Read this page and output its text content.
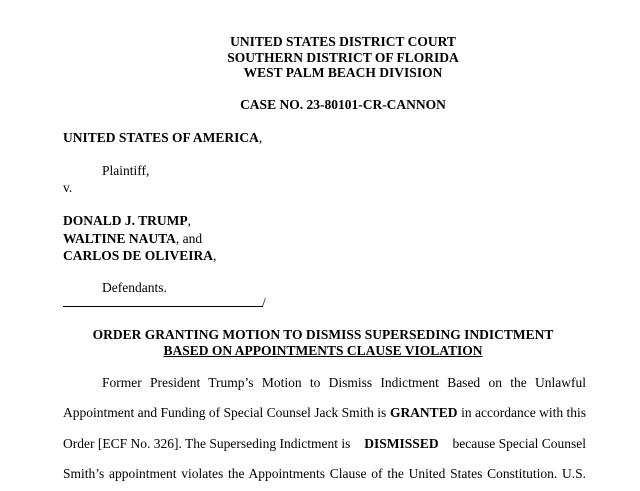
UNITED STATES DISTRICT COURT
SOUTHERN DISTRICT OF FLORIDA
WEST PALM BEACH DIVISION
CASE NO. 23-80101-CR-CANNON
UNITED STATES OF AMERICA,
Plaintiff,
v.
DONALD J. TRUMP,
WALTINE NAUTA, and
CARLOS DE OLIVEIRA,
Defendants.
/
ORDER GRANTING MOTION TO DISMISS SUPERSEDING INDICTMENT
BASED ON APPOINTMENTS CLAUSE VIOLATION
Former President Trump’s Motion to Dismiss Indictment Based on the Unlawful
Appointment and Funding of Special Counsel Jack Smith is GRANTED in accordance with this
Order [ECF No. 326]. The Superseding Indictment is DISMISSED because Special Counsel
Smith’s appointment violates the Appointments Clause of the United States Constitution. U.S.
